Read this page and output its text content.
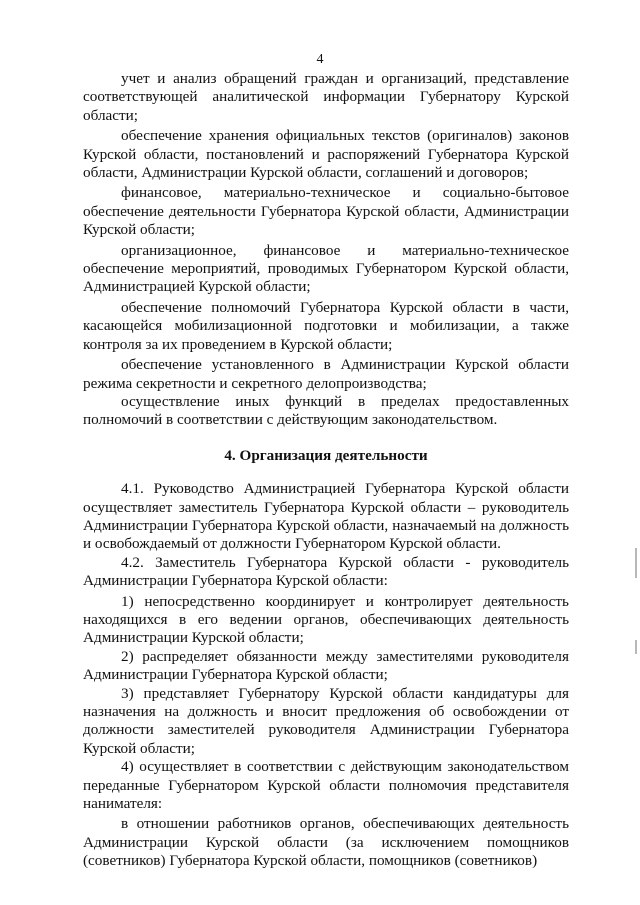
4

учет и анализ обращений граждан и организаций, представление соответствующей аналитической информации Губернатору Курской области;

обеспечение хранения официальных текстов (оригиналов) законов Курской области, постановлений и распоряжений Губернатора Курской области, Администрации Курской области, соглашений и договоров;

финансовое, материально-техническое и социально-бытовое обеспечение деятельности Губернатора Курской области, Администрации Курской области;

организационное, финансовое и материально-техническое обеспечение мероприятий, проводимых Губернатором Курской области, Администрацией Курской области;

обеспечение полномочий Губернатора Курской области в части, касающейся мобилизационной подготовки и мобилизации, а также контроля за их проведением в Курской области;

обеспечение установленного в Администрации Курской области режима секретности и секретного делопроизводства;

осуществление иных функций в пределах предоставленных полномочий в соответствии с действующим законодательством.

4. Организация деятельности

4.1. Руководство Администрацией Губернатора Курской области осуществляет заместитель Губернатора Курской области – руководитель Администрации Губернатора Курской области, назначаемый на должность и освобождаемый от должности Губернатором Курской области.

4.2. Заместитель Губернатора Курской области - руководитель Администрации Губернатора Курской области:

1) непосредственно координирует и контролирует деятельность находящихся в его ведении органов, обеспечивающих деятельность Администрации Курской области;

2) распределяет обязанности между заместителями руководителя Администрации Губернатора Курской области;

3) представляет Губернатору Курской области кандидатуры для назначения на должность и вносит предложения об освобождении от должности заместителей руководителя Администрации Губернатора Курской области;

4) осуществляет в соответствии с действующим законодательством переданные Губернатором Курской области полномочия представителя нанимателя:

в отношении работников органов, обеспечивающих деятельность Администрации Курской области (за исключением помощников (советников) Губернатора Курской области, помощников (советников)
